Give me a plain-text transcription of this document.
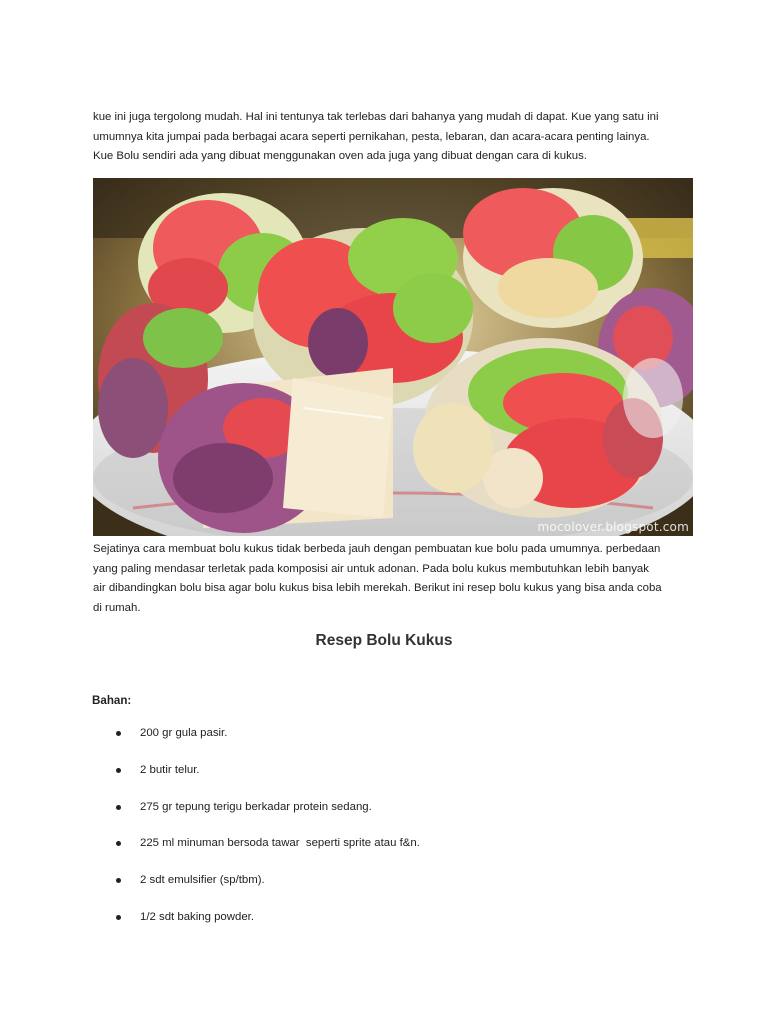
kue ini juga tergolong mudah. Hal ini tentunya tak terlebas dari bahanya yang mudah di dapat. Kue yang satu ini
umumnya kita jumpai pada berbagai acara seperti pernikahan, pesta, lebaran, dan acara-acara penting lainya.
Kue Bolu sendiri ada yang dibuat menggunakan oven ada juga yang dibuat dengan cara di kukus.

mocolover.blogspot.com

Sejatinya cara membuat bolu kukus tidak berbeda jauh dengan pembuatan kue bolu pada umumnya. perbedaan
yang paling mendasar terletak pada komposisi air untuk adonan. Pada bolu kukus membutuhkan lebih banyak
air dibandingkan bolu bisa agar bolu kukus bisa lebih merekah. Berikut ini resep bolu kukus yang bisa anda coba
di rumah.

Resep Bolu Kukus

Bahan:

200 gr gula pasir.
2 butir telur.
275 gr tepung terigu berkadar protein sedang.
225 ml minuman bersoda tawar  seperti sprite atau f&n.
2 sdt emulsifier (sp/tbm).
1/2 sdt baking powder.
